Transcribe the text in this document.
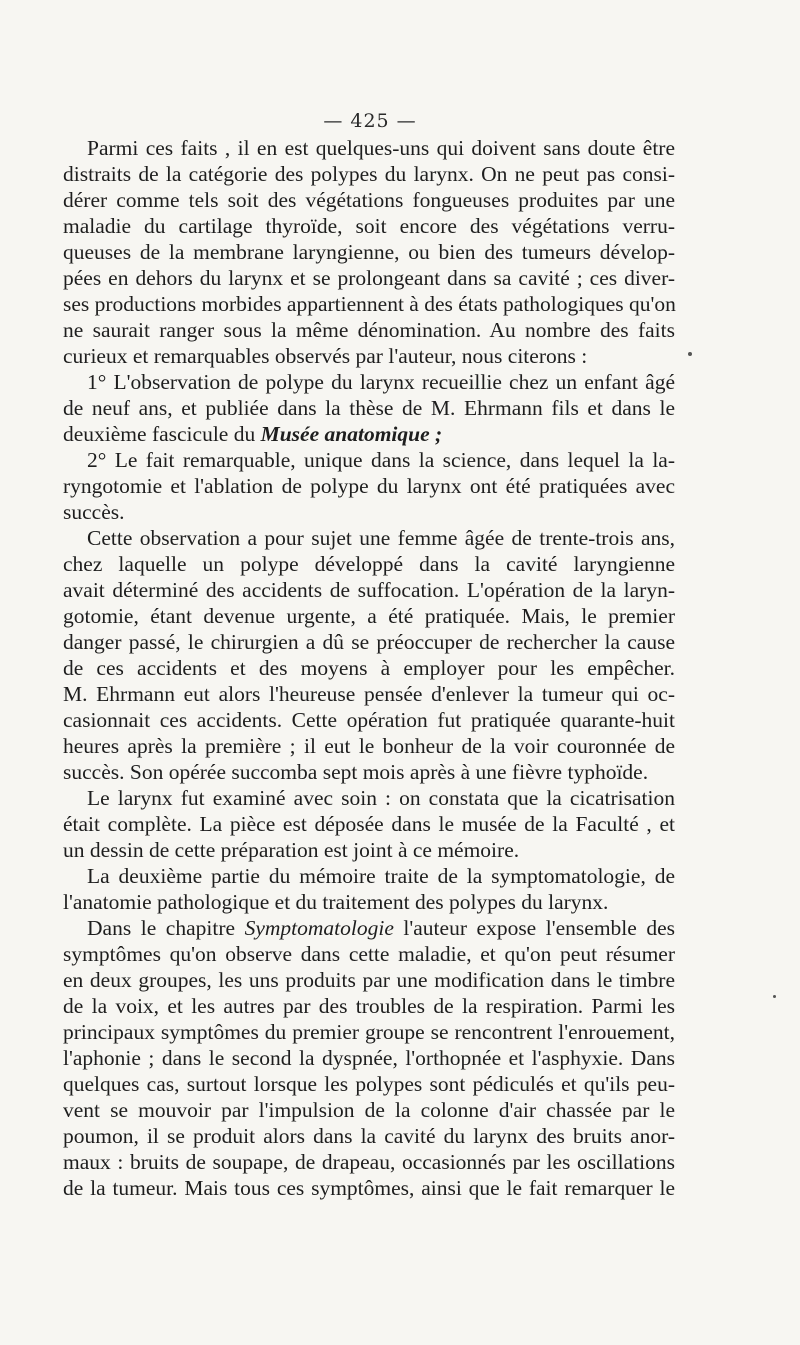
— 425 —
Parmi ces faits , il en est quelques-uns qui doivent sans doute être
distraits de la catégorie des polypes du larynx. On ne peut pas consi-
dérer comme tels soit des végétations fongueuses produites par une
maladie du cartilage thyroïde, soit encore des végétations verru-
queuses de la membrane laryngienne, ou bien des tumeurs dévelop-
pées en dehors du larynx et se prolongeant dans sa cavité ; ces diver-
ses productions morbides appartiennent à des états pathologiques qu'on
ne saurait ranger sous la même dénomination. Au nombre des faits
curieux et remarquables observés par l'auteur, nous citerons :
1° L'observation de polype du larynx recueillie chez un enfant âgé
de neuf ans, et publiée dans la thèse de M. Ehrmann fils et dans le
deuxième fascicule du Musée anatomique ;
2° Le fait remarquable, unique dans la science, dans lequel la la-
ryngotomie et l'ablation de polype du larynx ont été pratiquées avec
succès.
Cette observation a pour sujet une femme âgée de trente-trois ans,
chez laquelle un polype développé dans la cavité laryngienne
avait déterminé des accidents de suffocation. L'opération de la laryn-
gotomie, étant devenue urgente, a été pratiquée. Mais, le premier
danger passé, le chirurgien a dû se préoccuper de rechercher la cause
de ces accidents et des moyens à employer pour les empêcher.
M. Ehrmann eut alors l'heureuse pensée d'enlever la tumeur qui oc-
casionnait ces accidents. Cette opération fut pratiquée quarante-huit
heures après la première ; il eut le bonheur de la voir couronnée de
succès. Son opérée succomba sept mois après à une fièvre typhoïde.
Le larynx fut examiné avec soin : on constata que la cicatrisation
était complète. La pièce est déposée dans le musée de la Faculté , et
un dessin de cette préparation est joint à ce mémoire.
La deuxième partie du mémoire traite de la symptomatologie, de
l'anatomie pathologique et du traitement des polypes du larynx.
Dans le chapitre Symptomatologie l'auteur expose l'ensemble des
symptômes qu'on observe dans cette maladie, et qu'on peut résumer
en deux groupes, les uns produits par une modification dans le timbre
de la voix, et les autres par des troubles de la respiration. Parmi les
principaux symptômes du premier groupe se rencontrent l'enrouement,
l'aphonie ; dans le second la dyspnée, l'orthopnée et l'asphyxie. Dans
quelques cas, surtout lorsque les polypes sont pédiculés et qu'ils peu-
vent se mouvoir par l'impulsion de la colonne d'air chassée par le
poumon, il se produit alors dans la cavité du larynx des bruits anor-
maux : bruits de soupape, de drapeau, occasionnés par les oscillations
de la tumeur. Mais tous ces symptômes, ainsi que le fait remarquer le
